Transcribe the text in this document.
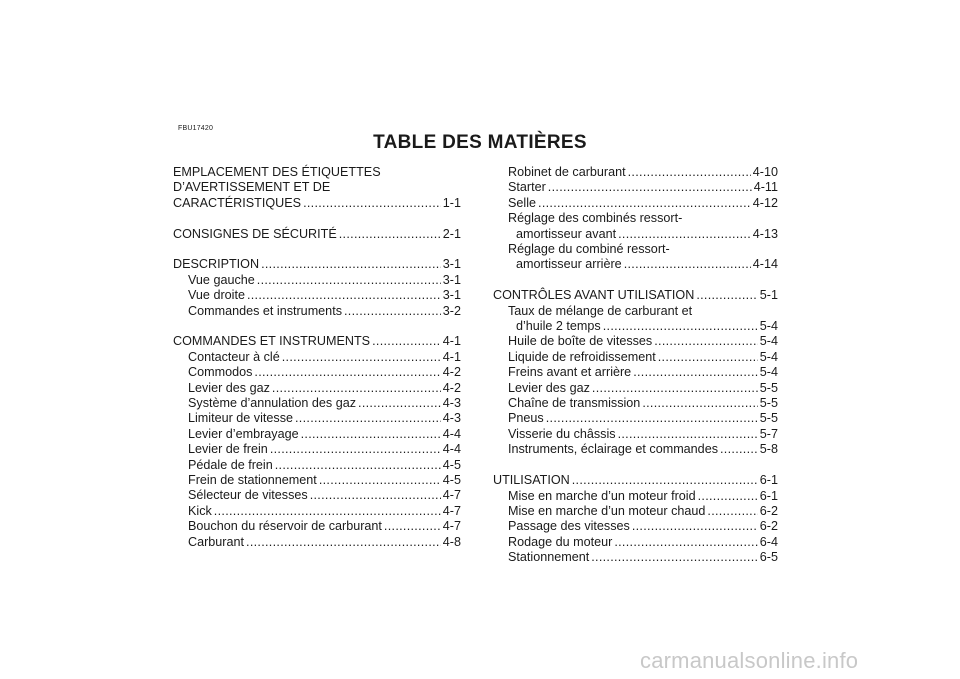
FBU17420
TABLE DES MATIÈRES
EMPLACEMENT DES ÉTIQUETTES
D’AVERTISSEMENT ET DE
CARACTÉRISTIQUES . . .	1-1
CONSIGNES DE SÉCURITÉ . . .	2-1
DESCRIPTION . . .	3-1
Vue gauche . . .	3-1
Vue droite . . .	3-1
Commandes et instruments . . .	3-2
COMMANDES ET INSTRUMENTS . . .	4-1
Contacteur à clé . . .	4-1
Commodos . . .	4-2
Levier des gaz . . .	4-2
Système d’annulation des gaz . . .	4-3
Limiteur de vitesse . . .	4-3
Levier d’embrayage . . .	4-4
Levier de frein . . .	4-4
Pédale de frein . . .	4-5
Frein de stationnement . . .	4-5
Sélecteur de vitesses . . .	4-7
Kick . . .	4-7
Bouchon du réservoir de carburant . . .	4-7
Carburant . . .	4-8
Robinet de carburant . . .	4-10
Starter . . .	4-11
Selle . . .	4-12
Réglage des combinés ressort-
amortisseur avant . . .	4-13
Réglage du combiné ressort-
amortisseur arrière . . .	4-14
CONTRÔLES AVANT UTILISATION . . .	5-1
Taux de mélange de carburant et
d’huile 2 temps . . .	5-4
Huile de boîte de vitesses . . .	5-4
Liquide de refroidissement . . .	5-4
Freins avant et arrière . . .	5-4
Levier des gaz . . .	5-5
Chaîne de transmission . . .	5-5
Pneus . . .	5-5
Visserie du châssis . . .	5-7
Instruments, éclairage et commandes . . .	5-8
UTILISATION . . .	6-1
Mise en marche d’un moteur froid . . .	6-1
Mise en marche d’un moteur chaud . . .	6-2
Passage des vitesses . . .	6-2
Rodage du moteur . . .	6-4
Stationnement . . .	6-5
carmanualsonline.info
